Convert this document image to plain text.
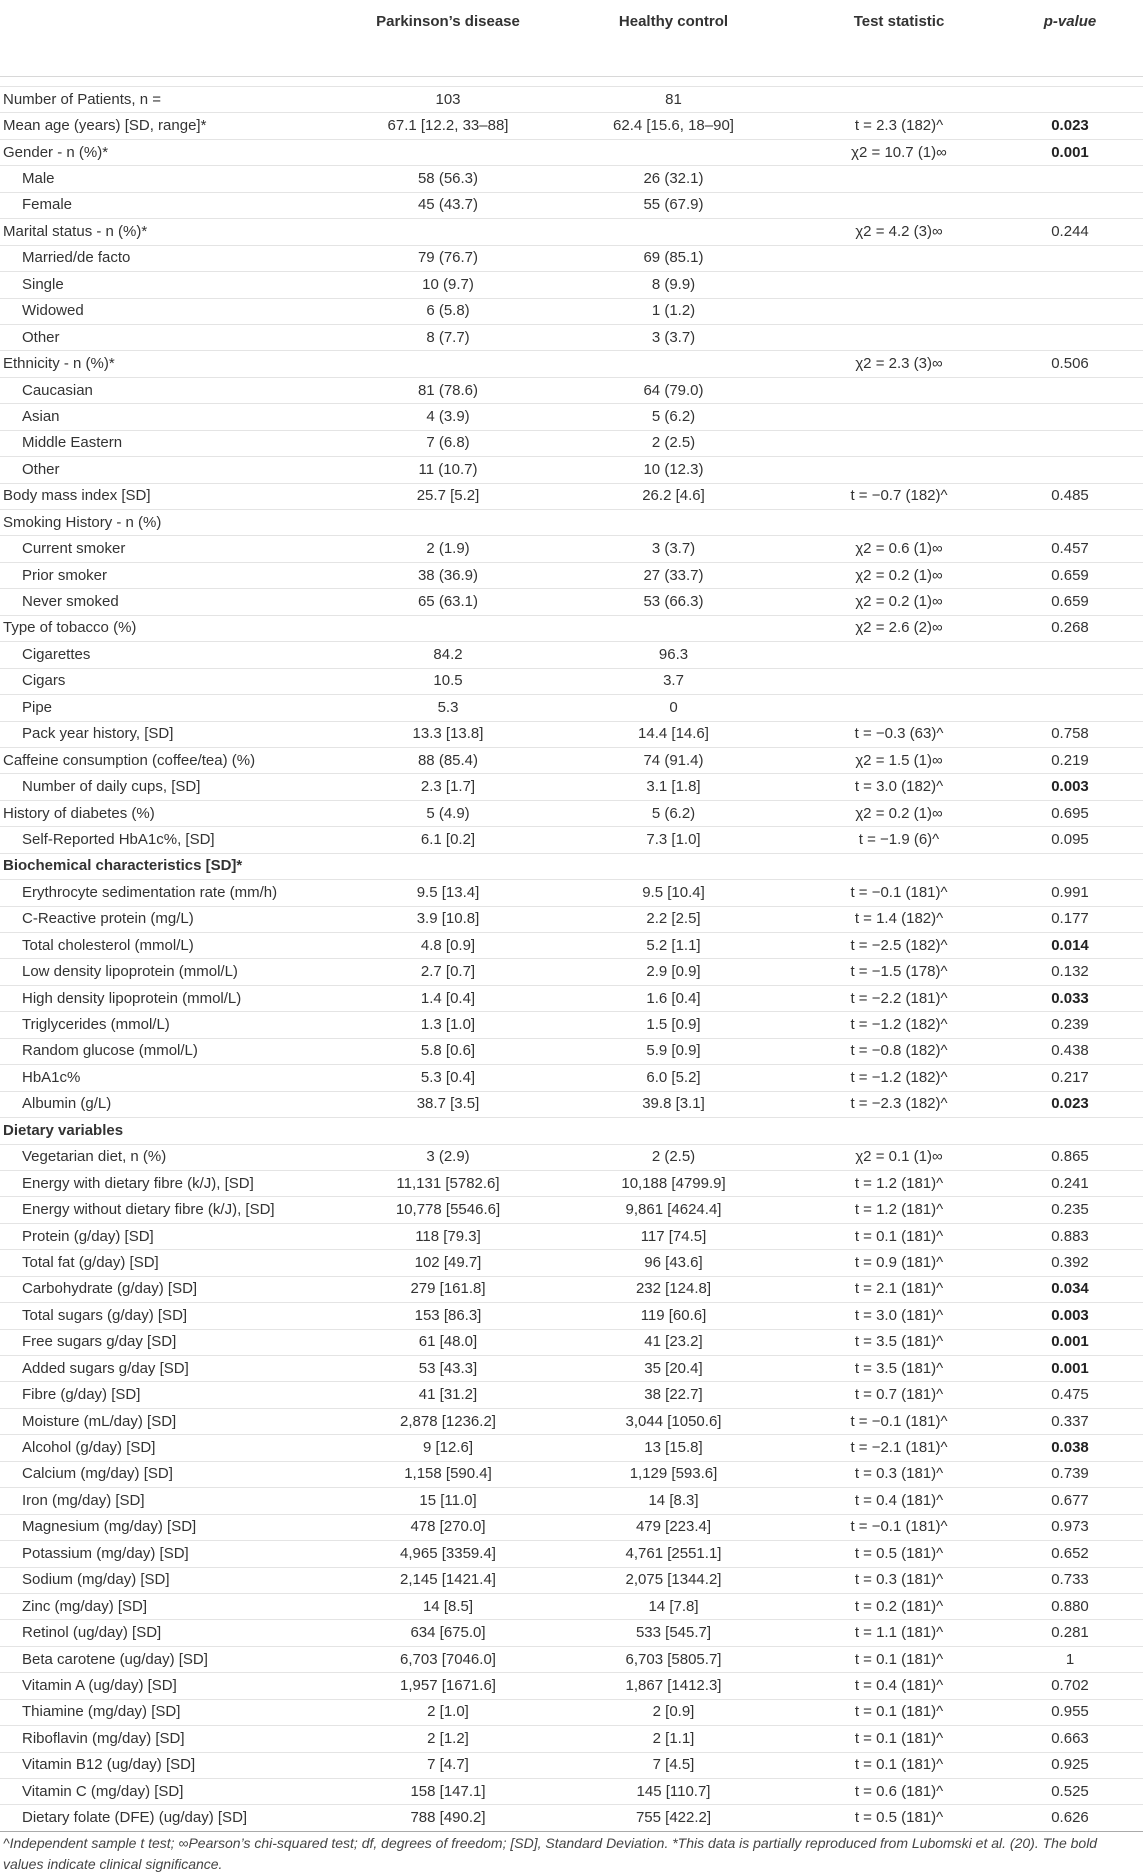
	Parkinson’s disease	Healthy control	Test statistic	p-value

Number of Patients, n =	103	81		
Mean age (years) [SD, range]*	67.1 [12.2, 33–88]	62.4 [15.6, 18–90]	t = 2.3 (182)^	0.023
Gender - n (%)*			χ2 = 10.7 (1)∞	0.001
Male	58 (56.3)	26 (32.1)		
Female	45 (43.7)	55 (67.9)		
Marital status - n (%)*			χ2 = 4.2 (3)∞	0.244
Married/de facto	79 (76.7)	69 (85.1)		
Single	10 (9.7)	8 (9.9)		
Widowed	6 (5.8)	1 (1.2)		
Other	8 (7.7)	3 (3.7)		
Ethnicity - n (%)*			χ2 = 2.3 (3)∞	0.506
Caucasian	81 (78.6)	64 (79.0)		
Asian	4 (3.9)	5 (6.2)		
Middle Eastern	7 (6.8)	2 (2.5)		
Other	11 (10.7)	10 (12.3)		
Body mass index [SD]	25.7 [5.2]	26.2 [4.6]	t = −0.7 (182)^	0.485
Smoking History - n (%)				
Current smoker	2 (1.9)	3 (3.7)	χ2 = 0.6 (1)∞	0.457
Prior smoker	38 (36.9)	27 (33.7)	χ2 = 0.2 (1)∞	0.659
Never smoked	65 (63.1)	53 (66.3)	χ2 = 0.2 (1)∞	0.659
Type of tobacco (%)			χ2 = 2.6 (2)∞	0.268
Cigarettes	84.2	96.3		
Cigars	10.5	3.7		
Pipe	5.3	0		
Pack year history, [SD]	13.3 [13.8]	14.4 [14.6]	t = −0.3 (63)^	0.758
Caffeine consumption (coffee/tea) (%)	88 (85.4)	74 (91.4)	χ2 = 1.5 (1)∞	0.219
Number of daily cups, [SD]	2.3 [1.7]	3.1 [1.8]	t = 3.0 (182)^	0.003
History of diabetes (%)	5 (4.9)	5 (6.2)	χ2 = 0.2 (1)∞	0.695
Self-Reported HbA1c%, [SD]	6.1 [0.2]	7.3 [1.0]	t = −1.9 (6)^	0.095
Biochemical characteristics [SD]*				
Erythrocyte sedimentation rate (mm/h)	9.5 [13.4]	9.5 [10.4]	t = −0.1 (181)^	0.991
C-Reactive protein (mg/L)	3.9 [10.8]	2.2 [2.5]	t = 1.4 (182)^	0.177
Total cholesterol (mmol/L)	4.8 [0.9]	5.2 [1.1]	t = −2.5 (182)^	0.014
Low density lipoprotein (mmol/L)	2.7 [0.7]	2.9 [0.9]	t = −1.5 (178)^	0.132
High density lipoprotein (mmol/L)	1.4 [0.4]	1.6 [0.4]	t = −2.2 (181)^	0.033
Triglycerides (mmol/L)	1.3 [1.0]	1.5 [0.9]	t = −1.2 (182)^	0.239
Random glucose (mmol/L)	5.8 [0.6]	5.9 [0.9]	t = −0.8 (182)^	0.438
HbA1c%	5.3 [0.4]	6.0 [5.2]	t = −1.2 (182)^	0.217
Albumin (g/L)	38.7 [3.5]	39.8 [3.1]	t = −2.3 (182)^	0.023
Dietary variables				
Vegetarian diet, n (%)	3 (2.9)	2 (2.5)	χ2 = 0.1 (1)∞	0.865
Energy with dietary fibre (k/J), [SD]	11,131 [5782.6]	10,188 [4799.9]	t = 1.2 (181)^	0.241
Energy without dietary fibre (k/J), [SD]	10,778 [5546.6]	9,861 [4624.4]	t = 1.2 (181)^	0.235
Protein (g/day) [SD]	118 [79.3]	117 [74.5]	t = 0.1 (181)^	0.883
Total fat (g/day) [SD]	102 [49.7]	96 [43.6]	t = 0.9 (181)^	0.392
Carbohydrate (g/day) [SD]	279 [161.8]	232 [124.8]	t = 2.1 (181)^	0.034
Total sugars (g/day) [SD]	153 [86.3]	119 [60.6]	t = 3.0 (181)^	0.003
Free sugars g/day [SD]	61 [48.0]	41 [23.2]	t = 3.5 (181)^	0.001
Added sugars g/day [SD]	53 [43.3]	35 [20.4]	t = 3.5 (181)^	0.001
Fibre (g/day) [SD]	41 [31.2]	38 [22.7]	t = 0.7 (181)^	0.475
Moisture (mL/day) [SD]	2,878 [1236.2]	3,044 [1050.6]	t = −0.1 (181)^	0.337
Alcohol (g/day) [SD]	9 [12.6]	13 [15.8]	t = −2.1 (181)^	0.038
Calcium (mg/day) [SD]	1,158 [590.4]	1,129 [593.6]	t = 0.3 (181)^	0.739
Iron (mg/day) [SD]	15 [11.0]	14 [8.3]	t = 0.4 (181)^	0.677
Magnesium (mg/day) [SD]	478 [270.0]	479 [223.4]	t = −0.1 (181)^	0.973
Potassium (mg/day) [SD]	4,965 [3359.4]	4,761 [2551.1]	t = 0.5 (181)^	0.652
Sodium (mg/day) [SD]	2,145 [1421.4]	2,075 [1344.2]	t = 0.3 (181)^	0.733
Zinc (mg/day) [SD]	14 [8.5]	14 [7.8]	t = 0.2 (181)^	0.880
Retinol (ug/day) [SD]	634 [675.0]	533 [545.7]	t = 1.1 (181)^	0.281
Beta carotene (ug/day) [SD]	6,703 [7046.0]	6,703 [5805.7]	t = 0.1 (181)^	1
Vitamin A (ug/day) [SD]	1,957 [1671.6]	1,867 [1412.3]	t = 0.4 (181)^	0.702
Thiamine (mg/day) [SD]	2 [1.0]	2 [0.9]	t = 0.1 (181)^	0.955
Riboflavin (mg/day) [SD]	2 [1.2]	2 [1.1]	t = 0.1 (181)^	0.663
Vitamin B12 (ug/day) [SD]	7 [4.7]	7 [4.5]	t = 0.1 (181)^	0.925
Vitamin C (mg/day) [SD]	158 [147.1]	145 [110.7]	t = 0.6 (181)^	0.525
Dietary folate (DFE) (ug/day) [SD]	788 [490.2]	755 [422.2]	t = 0.5 (181)^	0.626
^Independent sample t test; ∞Pearson’s chi-squared test; df, degrees of freedom; [SD], Standard Deviation. *This data is partially reproduced from Lubomski et al. (20). The bold values indicate clinical significance.
